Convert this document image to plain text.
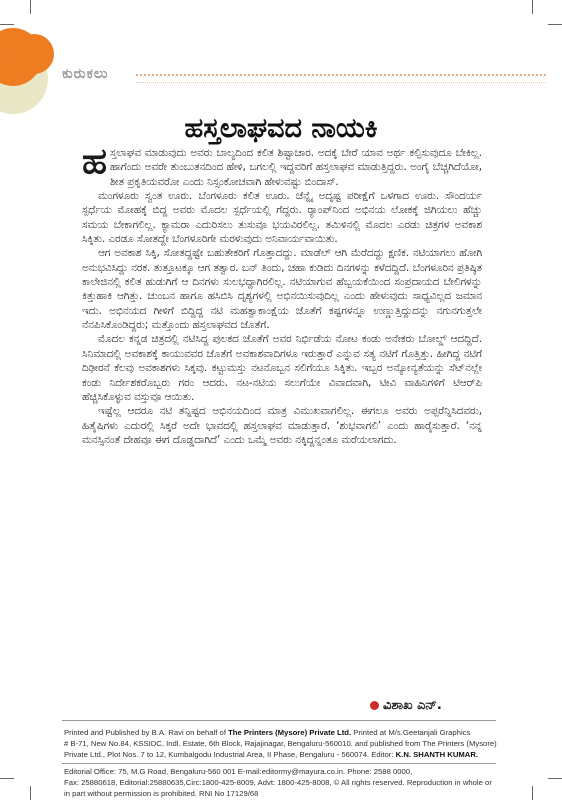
ಕುರುಕಲು
ಹಸ್ತಲಾಘವದ ನಾಯಕಿ

ಹಸ್ತಲಾಘವ ಮಾಡುವುದು ಅವರು ಬಾಲ್ಯದಿಂದ ಕಲಿತ ಶಿಷ್ಟಾಚಾರ. ಅದಕ್ಕೆ ಬೇರೆ ಯಾವ ಅರ್ಥ ಕಲ್ಪಿಸುವುದೂ ಬೇಕಿಲ್ಲ. ಹಾಗೆಂದು ಅವರೇ ತುಂಬುತನದಿಂದ ಹೇಳಿ, ಬಗಲಲ್ಲಿ ಇದ್ದವರಿಗೆ ಹಸ್ತಲಾಘವ ಮಾಡುತ್ತಿದ್ದರು. ಅಂಗೈ ಬೆಚ್ಚಗಿದೆಯೋ, ಶೀತ ಪ್ರಕೃತಿಯವರೋ ಎಂದು ನಿಸ್ಸಂಕೋಚವಾಗಿ ಹೇಳುವಷ್ಟು ಬಿಂದಾಸ್.

ಮಂಗಳೂರು ಸ್ವಂತ ಊರು. ಬೆಂಗಳೂರು ಕಲಿತ ಊರು. ಚೆನ್ನೈ ಅದೃಷ್ಟ ಪರೀಕ್ಷೆಗೆ ಒಳಗಾದ ಊರು. ಸೌಂದರ್ಯ ಸ್ಪರ್ಧೆಯ ಮೋಹಕ್ಕೆ ಬಿದ್ದ ಅವರು ಮೊದಲ ಸ್ಪರ್ಧೆಯಲ್ಲಿ ಗೆದ್ದರು. ರ್‍ಯಾಂಪ್‌ನಿಂದ ಅಭಿನಯ ಲೋಕಕ್ಕೆ ಜಿಗಿಯಲು ಹೆಚ್ಚು ಸಮಯ ಬೇಕಾಗಲಿಲ್ಲ. ಕ್ಯಾಮರಾ ಎದುರಿಸಲು ತುಸುವೂ ಭಯವಿರಲಿಲ್ಲ. ತಮಿಳಿನಲ್ಲಿ ಮೊದಲ ಎರಡು ಚಿತ್ರಗಳ ಅವಕಾಶ ಸಿಕ್ಕಿತು. ಎರಡೂ ಸೋತದ್ದೇ ಬೆಂಗಳೂರಿಗೇ ಮರಳುವುದು ಅನಿವಾರ್ಯವಾಯಿತು.

ಆಗ ಅವಕಾಶ ಸಿಕ್ಕಿ, ಸೋತದ್ದಷ್ಟೇ ಬಹುತೇಕರಿಗೆ ಗೊತ್ತಾದದ್ದು. ಮಾಡೆಲ್ ಆಗಿ ಮೆರೆದದ್ದು ಕ್ಷಣಿಕ. ನಟಿಯಾಗಲು ಹೋಗಿ ಅನುಭವಿಸಿದ್ದು ನರಕ. ತುತ್ತೂಟಕ್ಕೂ ಆಗ ತತ್ವಾರ. ಬನ್ ತಿಂದು, ಚಹಾ ಕುಡಿದು ದಿನಗಳನ್ನು ಕಳೆದದ್ದಿದೆ. ಬೆಂಗಳೂರಿನ ಪ್ರತಿಷ್ಠಿತ ಕಾಲೇಜಿನಲ್ಲಿ ಕಲಿತ ಹುಡುಗಿಗೆ ಆ ದಿನಗಳು ಸುಲಭದ್ದಾಗಿರಲಿಲ್ಲ. ನಟಿಯಾಗುವ ಹೆಬ್ಬಯಕೆಯಿಂದ ಸಂಪ್ರದಾಯದ ಬೇಲಿಗಳನ್ನು ಕಿತ್ತುಹಾಕಿ ಆಗಿತ್ತು. ಚುಂಬನ ಹಾಗೂ ಹಸಿಬಿಸಿ ದೃಶ್ಯಗಳಲ್ಲಿ ಅಭಿನಯಿಸುವುದಿಲ್ಲ ಎಂದು ಹೇಳುವುದು ಸಾಧ್ಯವಿಲ್ಲದ ಜಮಾನ ಇದು. ಅಭಿನಯದ ಗೀಳಿಗೆ ಬಿದ್ದಿದ್ದ ನಟಿ ಮಹತ್ವಾಕಾಂಕ್ಷೆಯ ಜೊತೆಗೆ ಕಷ್ಟಗಳನ್ನೂ ಉಣ್ಣುತ್ತಿದ್ದುದನ್ನು ನಗುನಗುತ್ತಲೇ ನೆನಪಿಸಿಕೊಂಡಿದ್ದರು; ಮತ್ತೊಂದು ಹಸ್ತಲಾಘವದ ಜೊತೆಗೆ.

ಮೊದಲ ಕನ್ನಡ ಚಿತ್ರದಲ್ಲಿ ನಟಿಸಿದ್ದ ಪುಲಕದ ಜೊತೆಗೆ ಅವರ ನಿರ್ಭಿಡೆಯ ನೋಟ ಕಂಡು ಅನೇಕರು ಬೋಲ್ಡ್ ಆದದ್ದಿದೆ. ಸಿನಿಮಾದಲ್ಲಿ ಅವಕಾಶಕ್ಕೆ ಕಾಯುವವರ ಜೊತೆಗೆ ಅವಕಾಶವಾದಿಗಳೂ ಇರುತ್ತಾರೆ ಎನ್ನುವ ಸತ್ಯ ನಟಿಗೆ ಗೊತ್ತಿತ್ತು. ಹೀಗಿದ್ದ ನಟಿಗೆ ದಿಢೀರನೆ ಕೆಲವು ಅವಕಾಶಗಳು ಸಿಕ್ಕವು. ಕಟ್ಟುಮಸ್ತು ನಟನೊಬ್ಬನ ಸಲಿಗೆಯೂ ಸಿಕ್ಕಿತು. ಇಬ್ಬರ ಅನ್ಯೋನ್ಯತೆಯನ್ನು ಸೆಟ್‌ನಲ್ಲೇ ಕಂಡು ನಿರ್ದೇಶಕರೊಬ್ಬರು ಗರಂ ಆದರು. ನಟ-ನಟಿಯ ಸಲುಗೆಯೇ ವಿವಾದವಾಗಿ, ಟೀವಿ ವಾಹಿನಿಗಳಿಗೆ ಟಿಆರ್‌ಪಿ ಹೆಚ್ಚಿಸಿಕೊಳ್ಳುವ ವಸ್ತುವೂ ಆಯಿತು.

ಇಷ್ಟೆಲ್ಲ ಆದರೂ ನಟಿ ತನ್ನಿಷ್ಟದ ಅಭಿನಯದಿಂದ ಮಾತ್ರ ವಿಮುಖವಾಗಲಿಲ್ಲ. ಈಗಲೂ ಅವರು ಅಪ್ಪರೆನ್ನಿಸಿದವರು, ಹಿತೈಷಿಗಳು ಎದುರಲ್ಲಿ ಸಿಕ್ಕರೆ ಅದೇ ಭಾವದಲ್ಲಿ ಹಸ್ತಲಾಘವ ಮಾಡುತ್ತಾರೆ. ‘ಶುಭವಾಗಲಿ’ ಎಂದು ಹಾರೈಸುತ್ತಾರೆ. ‘ನನ್ನ ಮನಸ್ಸಿನಂತೆ ದೇಹವೂ ಈಗ ದೊಡ್ಡದಾಗಿದೆ’ ಎಂದು ಒಮ್ಮೆ ಅವರು ನಕ್ಕಿದ್ದನ್ನಂತೂ ಮರೆಯಲಾಗದು.

ವಿಶಾಖ ಎನ್.
Printed and Published by B.A. Ravi on behalf of The Printers (Mysore) Private Ltd. Printed at M/s.Geetanjali Graphics
# B-71, New No.84, KSSIDC, Indl. Estate, 6th Block, Rajajinagar, Bengaluru-560010. and published from The Printers (Mysore)
Private Ltd., Plot Nos. 7 to 12, Kumbalgodu Industrial Area, II Phase, Bengaluru - 560074. Editor: K.N. SHANTH KUMAR.
Editorial Office: 75, M.G Road, Bengaluru-560 001 E-mail:editormy@mayura.co.in. Phone: 2588 0000,
Fax: 25880618, Editorial:25880635,Circ:1800-425-8009, Advt: 1800-425-8008, © All rights reserved. Reproduction in whole or
in part without permission is prohibited. RNI No 17129/68
